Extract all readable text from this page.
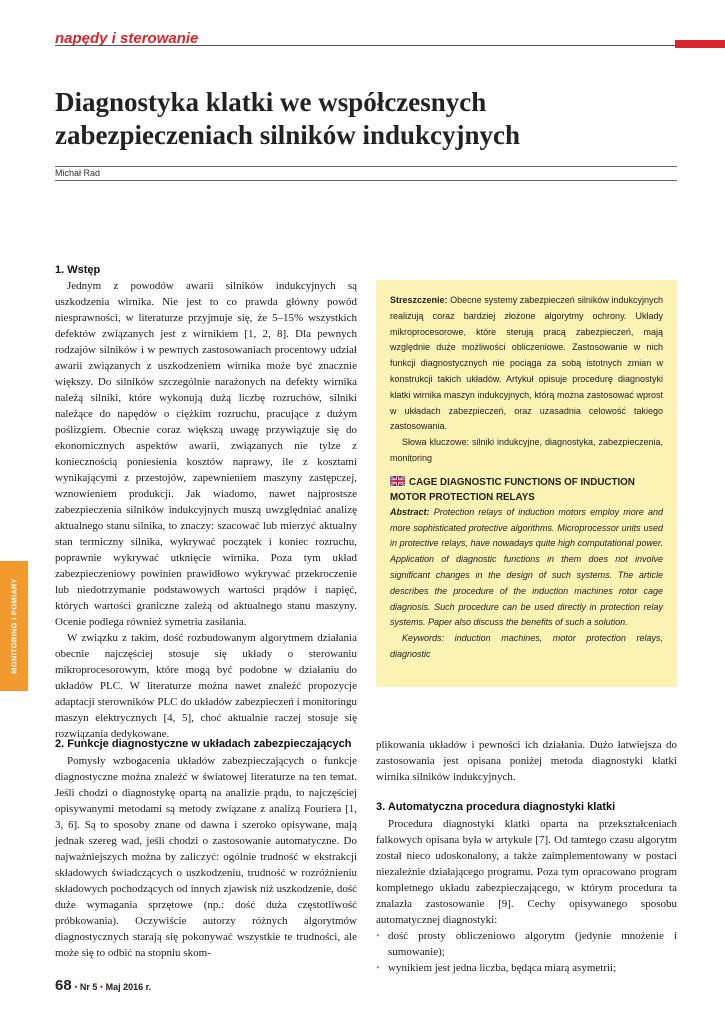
napędy i sterowanie
Diagnostyka klatki we współczesnych
zabezpieczeniach silników indukcyjnych
Michał Rad
MONITORING I POMIARY
1. Wstęp

Jednym z powodów awarii silników indukcyjnych są uszkodzenia wirnika. Nie jest to co prawda główny powód niesprawności, w literaturze przyjmuje się, że 5–15% wszystkich defektów związanych jest z wirnikiem [1, 2, 8]. Dla pewnych rodzajów silników i w pewnych zastosowaniach procentowy udział awarii związanych z uszkodzeniem wirnika może być znacznie większy. Do silników szczególnie narażonych na defekty wirnika należą silniki, które wykonują dużą liczbę rozruchów, silniki należące do napędów o ciężkim rozruchu, pracujące z dużym poślizgiem. Obecnie coraz większą uwagę przywiązuje się do ekonomicznych aspektów awarii, związanych nie tylze z koniecznością poniesienia kosztów naprawy, ile z kosztami wynikającymi z przestojów, zapewnieniem maszyny zastępczej, wznowieniem produkcji. Jak wiadomo, nawet najprostsze zabezpieczenia silników indukcyjnych muszą uwzględniać analizę aktualnego stanu silnika, to znaczy: szacować lub mierzyć aktualny stan termiczny silnika, wykrywać początek i koniec rozruchu, poprawnie wykrywać utknięcie wirnika. Poza tym układ zabezpieczeniowy powinien prawidłowo wykrywać przekroczenie lub niedotrzymanie podstawowych wartości prądów i napięć, których wartości graniczne zależą od aktualnego stanu maszyny. Ocenie podlega również symetria zasilania.

W związku z takim, dość rozbudowanym algorytmem działania obecnie najczęściej stosuje się układy o sterowaniu mikroprocesorowym, które mogą być podobne w działaniu do układów PLC. W literaturze można nawet znaleźć propozycje adaptacji sterowników PLC do układów zabezpieczeń i monitoringu maszyn elektrycznych [4, 5], choć aktualnie raczej stosuje się rozwiązania dedykowane.

2. Funkcje diagnostyczne w układach zabezpieczających

Pomysły wzbogacenia układów zabezpieczających o funkcje diagnostyczne można znaleźć w światowej literaturze na ten temat. Jeśli chodzi o diagnostykę opartą na analizie prądu, to najczęściej opisywanymi metodami są metody związane z analizą Fouriera [1, 3, 6]. Są to sposoby znane od dawna i szeroko opisywane, mają jednak szereg wad, jeśli chodzi o zastosowanie automatyczne. Do najważniejszych można by zaliczyć: ogólnie trudność w ekstrakcji składowych świadczących o uszkodzeniu, trudność w rozróżnieniu składowych pochodzących od innych zjawisk niż uszkodzenie, dość duże wymagania sprzętowe (np.: dość duża częstotliwość próbkowania). Oczywiście autorzy różnych algorytmów diagnostycznych starają się pokonywać wszystkie te trudności, ale może się to odbić na stopniu skom-

plikowania układów i pewności ich działania. Dużo łatwiejsza do zastosowania jest opisana poniżej metoda diagnostyki klatki wirnika silników indukcyjnych.

3. Automatyczna procedura diagnostyki klatki

Procedura diagnostyki klatki oparta na przekształceniach falkowych opisana była w artykule [7]. Od tamtego czasu algorytm został nieco udoskonalony, a także zaimplementowany w postaci niezależnie działającego programu. Poza tym opracowano program kompletnego układu zabezpieczającego, w którym procedura ta znalazła zastosowanie [9]. Cechy opisywanego sposobu automatycznej diagnostyki:

• dość prosty obliczeniowo algorytm (jedynie mnożenie i sumowanie);
• wynikiem jest jedna liczba, będąca miarą asymetrii;

Streszczenie: Obecne systemy zabezpieczeń silników indukcyjnych realizują coraz bardziej złożone algorytmy ochrony. Układy mikroprocesorowe, które sterują pracą zabezpieczeń, mają względnie duże możliwości obliczeniowe. Zastosowanie w nich funkcji diagnostycznych nie pociąga za sobą istotnych zmian w konstrukcji takich układów. Artykuł opisuje procedurę diagnostyki klatki wirnika maszyn indukcyjnych, którą można zastosować wprost w układach zabezpieczeń, oraz uzasadnia celowość takiego zastosowania.

Słowa kluczowe: silniki indukcyjne, diagnostyka, zabezpieczenia, monitoring

CAGE DIAGNOSTIC FUNCTIONS OF INDUCTION MOTOR PROTECTION RELAYS

Abstract: Protection relays of induction motors employ more and more sophisticated protective algorithms. Microprocessor units used in protective relays, have nowadays quite high computational power. Application of diagnostic functions in them does not involve significant changes in the design of such systems. The article describes the procedure of the induction machines rotor cage diagnosis. Such procedure can be used directly in protection relay systems. Paper also discuss the benefits of such a solution.

Keywords: induction machines, motor protection relays, diagnostic

68 • Nr 5 • Maj 2016 r.
